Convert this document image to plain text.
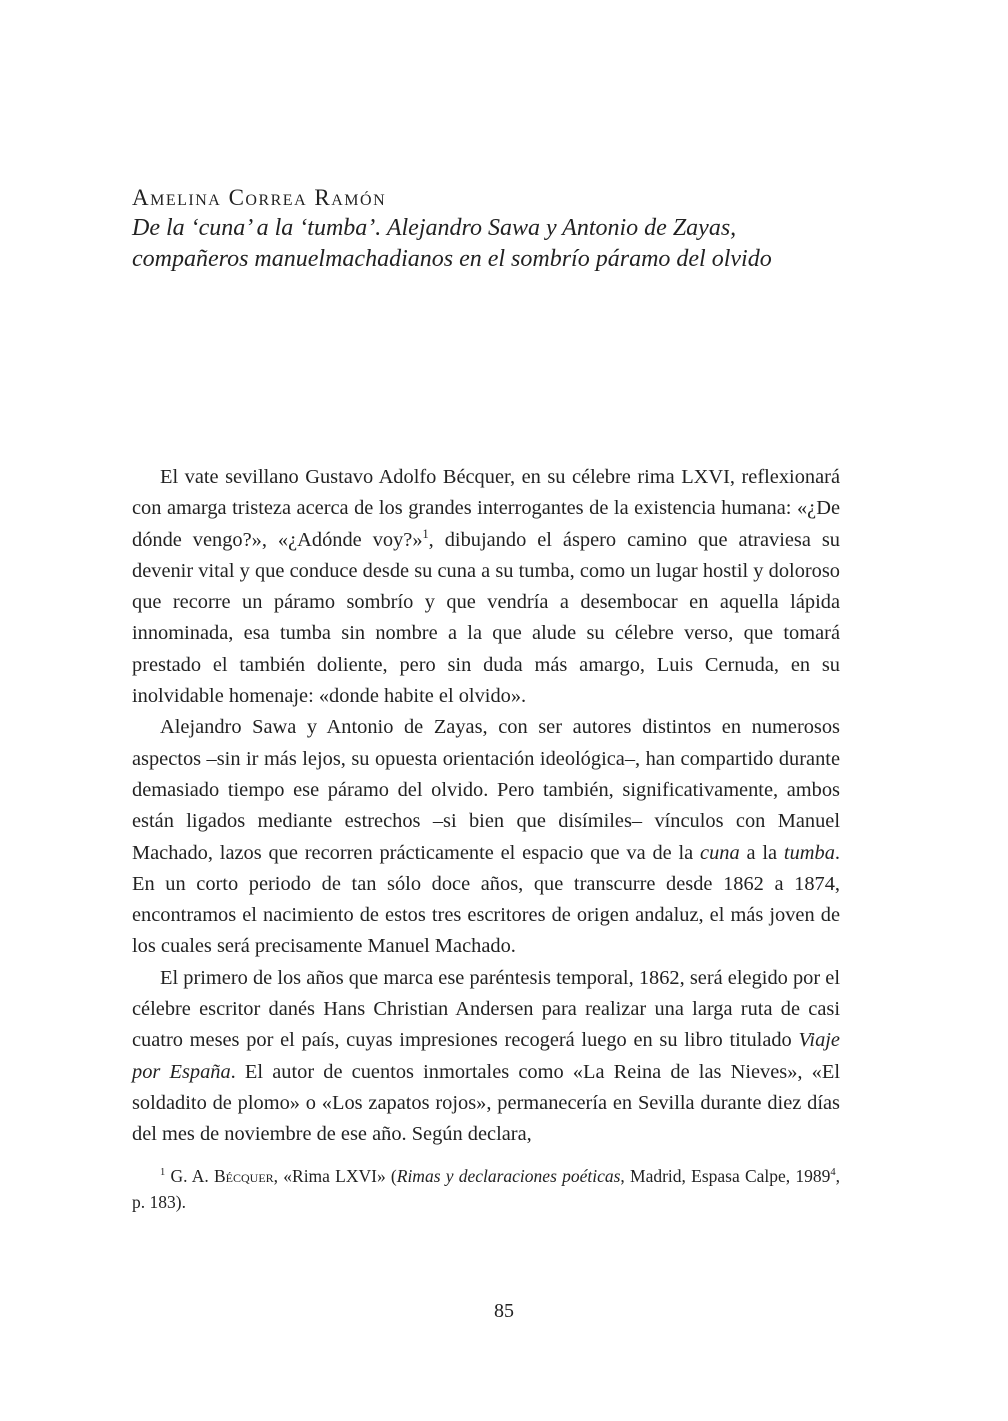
Amelina Correa Ramón

De la ‘cuna’ a la ‘tumba’. Alejandro Sawa y Antonio de Zayas,
compañeros manuelmachadianos en el sombrío páramo del olvido

El vate sevillano Gustavo Adolfo Bécquer, en su célebre rima LXVI, reflexionará con amarga tristeza acerca de los grandes interrogantes de la existencia humana: «¿De dónde vengo?», «¿Adónde voy?»$^1$, dibujando el áspero camino que atraviesa su devenir vital y que conduce desde su cuna a su tumba, como un lugar hostil y doloroso que recorre un páramo sombrío y que vendría a desembocar en aquella lápida innominada, esa tumba sin nombre a la que alude su célebre verso, que tomará prestado el también doliente, pero sin duda más amargo, Luis Cernuda, en su inolvidable homenaje: «donde habite el olvido».

Alejandro Sawa y Antonio de Zayas, con ser autores distintos en numerosos aspectos –sin ir más lejos, su opuesta orientación ideológica–, han compartido durante demasiado tiempo ese páramo del olvido. Pero también, significativamente, ambos están ligados mediante estrechos –si bien que disímiles– vínculos con Manuel Machado, lazos que recorren prácticamente el espacio que va de la cuna a la tumba. En un corto periodo de tan sólo doce años, que transcurre desde 1862 a 1874, encontramos el nacimiento de estos tres escritores de origen andaluz, el más joven de los cuales será precisamente Manuel Machado.

El primero de los años que marca ese paréntesis temporal, 1862, será elegido por el célebre escritor danés Hans Christian Andersen para realizar una larga ruta de casi cuatro meses por el país, cuyas impresiones recogerá luego en su libro titulado Viaje por España. El autor de cuentos inmortales como «La Reina de las Nieves», «El soldadito de plomo» o «Los zapatos rojos», permanecería en Sevilla durante diez días del mes de noviembre de ese año. Según declara,

$^1$ G. A. Bécquer, «Rima LXVI» (Rimas y declaraciones poéticas, Madrid, Espasa Calpe, 1989$^4$, p. 183).
85
